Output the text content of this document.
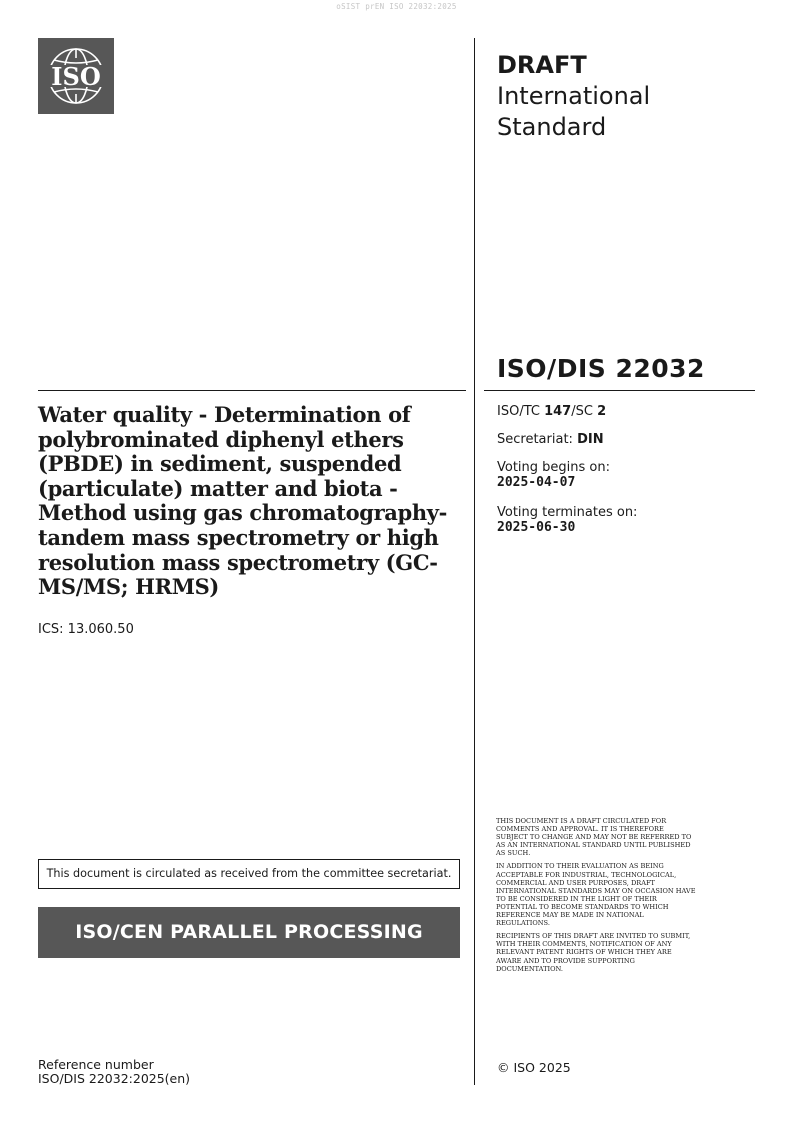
oSIST prEN ISO 22032:2025
ISO	DRAFT
International
Standard
ISO/DIS 22032
Water quality - Determination of polybrominated diphenyl ethers (PBDE) in sediment, suspended (particulate) matter and biota - Method using gas chromatography-tandem mass spectrometry or high resolution mass spectrometry (GC-MS/MS; HRMS)
ICS: 13.060.50
ISO/TC 147/SC 2
Secretariat: DIN
Voting begins on:
2025-04-07
Voting terminates on:
2025-06-30
This document is circulated as received from the committee secretariat.
ISO/CEN PARALLEL PROCESSING

THIS DOCUMENT IS A DRAFT CIRCULATED FOR COMMENTS AND APPROVAL. IT IS THEREFORE SUBJECT TO CHANGE AND MAY NOT BE REFERRED TO AS AN INTERNATIONAL STANDARD UNTIL PUBLISHED AS SUCH.

IN ADDITION TO THEIR EVALUATION AS BEING ACCEPTABLE FOR INDUSTRIAL, TECHNOLOGICAL, COMMERCIAL AND USER PURPOSES, DRAFT INTERNATIONAL STANDARDS MAY ON OCCASION HAVE TO BE CONSIDERED IN THE LIGHT OF THEIR POTENTIAL TO BECOME STANDARDS TO WHICH REFERENCE MAY BE MADE IN NATIONAL REGULATIONS.

RECIPIENTS OF THIS DRAFT ARE INVITED TO SUBMIT, WITH THEIR COMMENTS, NOTIFICATION OF ANY RELEVANT PATENT RIGHTS OF WHICH THEY ARE AWARE AND TO PROVIDE SUPPORTING DOCUMENTATION.

© ISO 2025
Reference number
ISO/DIS 22032:2025(en)
